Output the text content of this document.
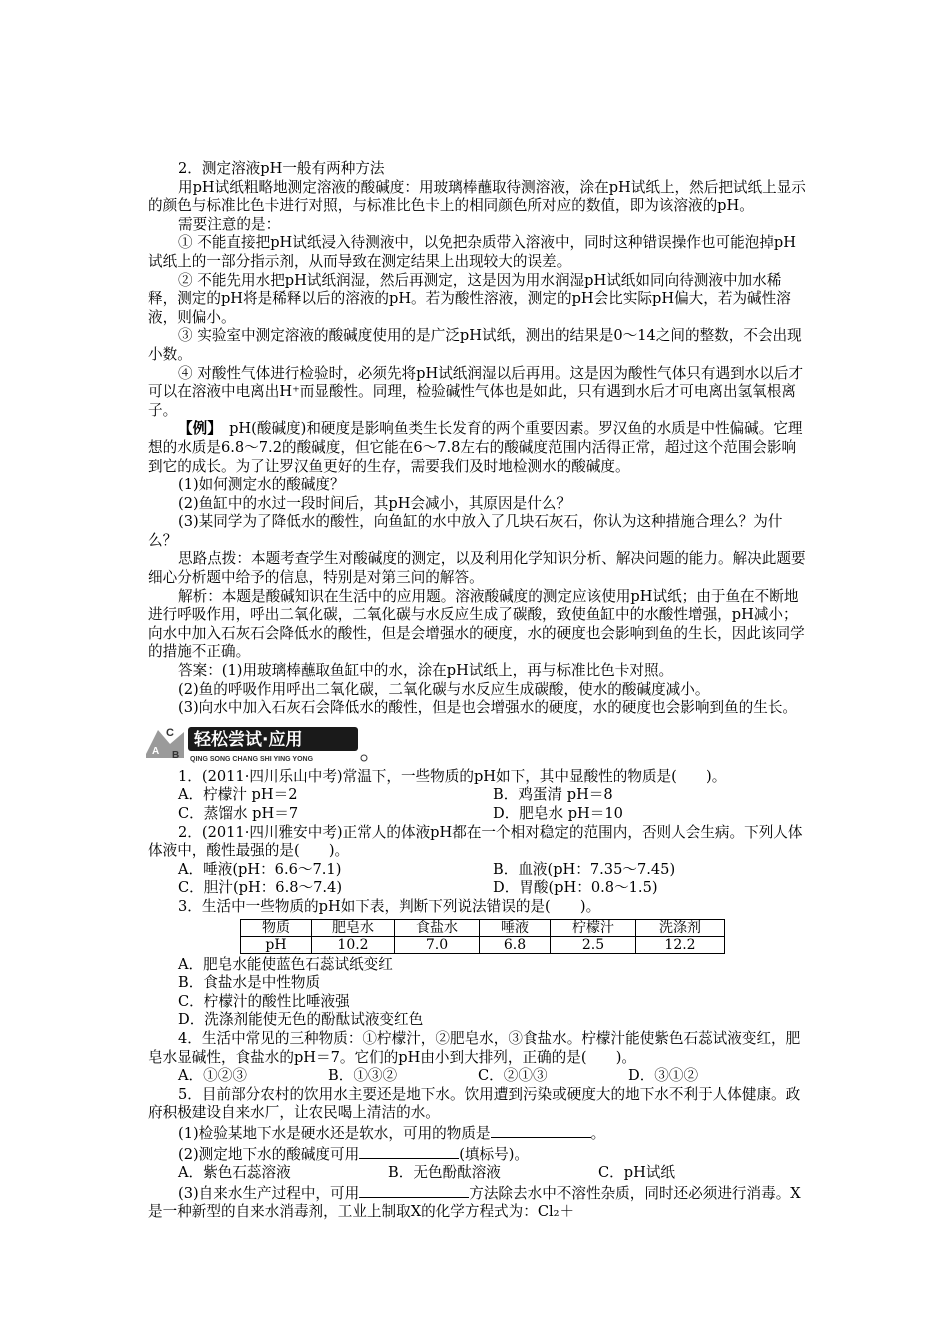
2．测定溶液pH一般有两种方法

用pH试纸粗略地测定溶液的酸碱度：用玻璃棒蘸取待测溶液，涂在pH试纸上，然后把试纸上显示的颜色与标准比色卡进行对照，与标准比色卡上的相同颜色所对应的数值，即为该溶液的pH。

需要注意的是：

① 不能直接把pH试纸浸入待测液中，以免把杂质带入溶液中，同时这种错误操作也可能泡掉pH试纸上的一部分指示剂，从而导致在测定结果上出现较大的误差。

② 不能先用水把pH试纸润湿，然后再测定，这是因为用水润湿pH试纸如同向待测液中加水稀释，测定的pH将是稀释以后的溶液的pH。若为酸性溶液，测定的pH会比实际pH偏大，若为碱性溶液，则偏小。

③ 实验室中测定溶液的酸碱度使用的是广泛pH试纸，测出的结果是0～14之间的整数，不会出现小数。

④ 对酸性气体进行检验时，必须先将pH试纸润湿以后再用。这是因为酸性气体只有遇到水以后才可以在溶液中电离出H⁺而显酸性。同理，检验碱性气体也是如此，只有遇到水后才可电离出氢氧根离子。

【例】　 pH(酸碱度)和硬度是影响鱼类生长发育的两个重要因素。罗汉鱼的水质是中性偏碱。它理想的水质是6.8～7.2的酸碱度，但它能在6～7.8左右的酸碱度范围内活得正常，超过这个范围会影响到它的成长。为了让罗汉鱼更好的生存，需要我们及时地检测水的酸碱度。

(1)如何测定水的酸碱度？

(2)鱼缸中的水过一段时间后，其pH会减小，其原因是什么？

(3)某同学为了降低水的酸性，向鱼缸的水中放入了几块石灰石，你认为这种措施合理么？为什么？

思路点拨：本题考查学生对酸碱度的测定，以及利用化学知识分析、解决问题的能力。解决此题要细心分析题中给予的信息，特别是对第三问的解答。

解析：本题是酸碱知识在生活中的应用题。溶液酸碱度的测定应该使用pH试纸；由于鱼在不断地进行呼吸作用，呼出二氧化碳，二氧化碳与水反应生成了碳酸，致使鱼缸中的水酸性增强，pH减小；向水中加入石灰石会降低水的酸性，但是会增强水的硬度，水的硬度也会影响到鱼的生长，因此该同学的措施不正确。

答案：(1)用玻璃棒蘸取鱼缸中的水，涂在pH试纸上，再与标准比色卡对照。

(2)鱼的呼吸作用呼出二氧化碳，二氧化碳与水反应生成碳酸，使水的酸碱度减小。

(3)向水中加入石灰石会降低水的酸性，但是也会增强水的硬度，水的硬度也会影响到鱼的生长。

C
A B
轻松尝试·应用
QING SONG CHANG SHI YING YONG

1．(2011·四川乐山中考)常温下，一些物质的pH如下，其中显酸性的物质是(　　)。

A．柠檬汁 pH＝2	B．鸡蛋清 pH＝8
C．蒸馏水 pH＝7	D．肥皂水 pH＝10

2．(2011·四川雅安中考)正常人的体液pH都在一个相对稳定的范围内，否则人会生病。下列人体体液中，酸性最强的是(　　)。

A．唾液(pH：6.6～7.1)	B．血液(pH：7.35～7.45)
C．胆汁(pH：6.8～7.4)	D．胃酸(pH：0.8～1.5)

3．生活中一些物质的pH如下表，判断下列说法错误的是(　　)。

物质	肥皂水	食盐水	唾液	柠檬汁	洗涤剂
pH	10.2	7.0	6.8	2.5	12.2

A．肥皂水能使蓝色石蕊试纸变红

B．食盐水是中性物质

C．柠檬汁的酸性比唾液强

D．洗涤剂能使无色的酚酞试液变红色

4．生活中常见的三种物质：①柠檬汁，②肥皂水，③食盐水。柠檬汁能使紫色石蕊试液变红，肥皂水显碱性，食盐水的pH＝7。它们的pH由小到大排列，正确的是(　　)。

A．①②③	B．①③②	C．②①③	D．③①②

5．目前部分农村的饮用水主要还是地下水。饮用遭到污染或硬度大的地下水不利于人体健康。政府积极建设自来水厂，让农民喝上清洁的水。

(1)检验某地下水是硬水还是软水，可用的物质是	。

(2)测定地下水的酸碱度可用	(填标号)。

A．紫色石蕊溶液	B．无色酚酞溶液	C．pH试纸

(3)自来水生产过程中，可用	方法除去水中不溶性杂质，同时还必须进行消毒。X是一种新型的自来水消毒剂，工业上制取X的化学方程式为：Cl₂＋
